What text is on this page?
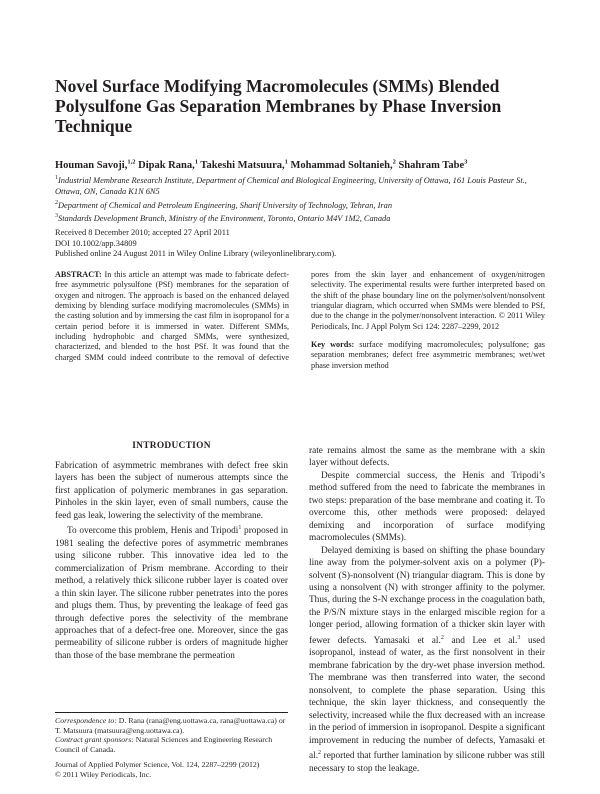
Novel Surface Modifying Macromolecules (SMMs) Blended Polysulfone Gas Separation Membranes by Phase Inversion Technique
Houman Savoji,$^{1,2}$ Dipak Rana,$^1$ Takeshi Matsuura,$^1$ Mohammad Soltanieh,$^2$ Shahram Tabe$^3$
$^1$Industrial Membrane Research Institute, Department of Chemical and Biological Engineering, University of Ottawa, 161 Louis Pasteur St., Ottawa, ON, Canada K1N 6N5
$^2$Department of Chemical and Petroleum Engineering, Sharif University of Technology, Tehran, Iran
$^3$Standards Development Branch, Ministry of the Environment, Toronto, Ontario M4V 1M2, Canada
Received 8 December 2010; accepted 27 April 2011
DOI 10.1002/app.34809
Published online 24 August 2011 in Wiley Online Library (wileyonlinelibrary.com).

ABSTRACT: In this article an attempt was made to fabricate defect-free asymmetric polysulfone (PSf) membranes for the separation of oxygen and nitrogen. The approach is based on the enhanced delayed demixing by blending surface modifying macromolecules (SMMs) in the casting solution and by immersing the cast film in isopropanol for a certain period before it is immersed in water. Different SMMs, including hydrophobic and charged SMMs, were synthesized, characterized, and blended to the host PSf. It was found that the charged SMM could indeed contribute to the removal of defective pores from the skin layer and enhancement of oxygen/nitrogen selectivity. The experimental results were further interpreted based on the shift of the phase boundary line on the polymer/solvent/nonsolvent triangular diagram, which occurred when SMMs were blended to PSf, due to the change in the polymer/nonsolvent interaction. © 2011 Wiley Periodicals, Inc. J Appl Polym Sci 124: 2287–2299, 2012

Key words: surface modifying macromolecules; polysulfone; gas separation membranes; defect free asymmetric membranes; wet/wet phase inversion method

INTRODUCTION

Fabrication of asymmetric membranes with defect free skin layers has been the subject of numerous attempts since the first application of polymeric membranes in gas separation. Pinholes in the skin layer, even of small numbers, cause the feed gas leak, lowering the selectivity of the membrane.

To overcome this problem, Henis and Tripodi$^1$ proposed in 1981 sealing the defective pores of asymmetric membranes using silicone rubber. This innovative idea led to the commercialization of Prism membrane. According to their method, a relatively thick silicone rubber layer is coated over a thin skin layer. The silicone rubber penetrates into the pores and plugs them. Thus, by preventing the leakage of feed gas through defective pores the selectivity of the membrane approaches that of a defect-free one. Moreover, since the gas permeability of silicone rubber is orders of magnitude higher than those of the base membrane the permeation

rate remains almost the same as the membrane with a skin layer without defects.

Despite commercial success, the Henis and Tripodi’s method suffered from the need to fabricate the membranes in two steps: preparation of the base membrane and coating it. To overcome this, other methods were proposed: delayed demixing and incorporation of surface modifying macromolecules (SMMs).

Delayed demixing is based on shifting the phase boundary line away from the polymer-solvent axis on a polymer (P)-solvent (S)-nonsolvent (N) triangular diagram. This is done by using a nonsolvent (N) with stronger affinity to the polymer. Thus, during the S-N exchange process in the coagulation bath, the P/S/N mixture stays in the enlarged miscible region for a longer period, allowing formation of a thicker skin layer with fewer defects. Yamasaki et al.$^2$ and Lee et al.$^3$ used isopropanol, instead of water, as the first nonsolvent in their membrane fabrication by the dry-wet phase inversion method. The membrane was then transferred into water, the second nonsolvent, to complete the phase separation. Using this technique, the skin layer thickness, and consequently the selectivity, increased while the flux decreased with an increase in the period of immersion in isopropanol. Despite a significant improvement in reducing the number of defects, Yamasaki et al.$^2$ reported that further lamination by silicone rubber was still necessary to stop the leakage.

Correspondence to: D. Rana (rana@eng.uottawa.ca, rana@uottawa.ca) or T. Matsuura (matsuura@eng.uottawa.ca).

Contract grant sponsors: Natural Sciences and Engineering Research Council of Canada.

Journal of Applied Polymer Science, Vol. 124, 2287–2299 (2012)

© 2011 Wiley Periodicals, Inc.
